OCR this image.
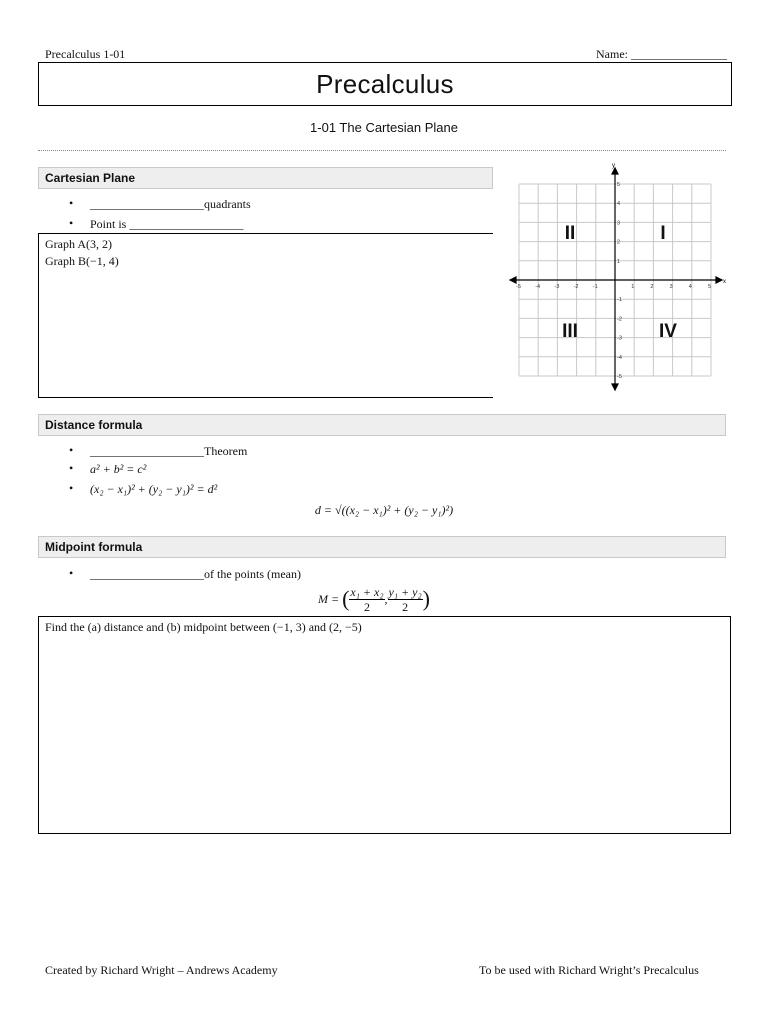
Precalculus 1-01	Name: ________________
Precalculus
1-01 The Cartesian Plane
Cartesian Plane
• ___________________quadrants
• Point is ___________________
Graph A(3, 2)
Graph B(−1, 4)
x
y
-5	-4	-3	-2	-1	1	2	3	4	5
5
4
3
2
1
-1
-2
-3
-4
-5
I
II
III	IV
Distance formula
• ___________________Theorem
• a² + b² = c²
• (x₂ − x₁)² + (y₂ − y₁)² = d²
d = √((x₂ − x₁)² + (y₂ − y₁)²)
Midpoint formula
• ___________________of the points (mean)
M = ( $\frac{\text{x₁ + x₂}}{2}$ , $\frac{\text{y₁ + y₂}}{2}$ )
Find the (a) distance and (b) midpoint between (−1, 3) and (2, −5)
Created by Richard Wright – Andrews Academy	To be used with Richard Wright’s Precalculus
